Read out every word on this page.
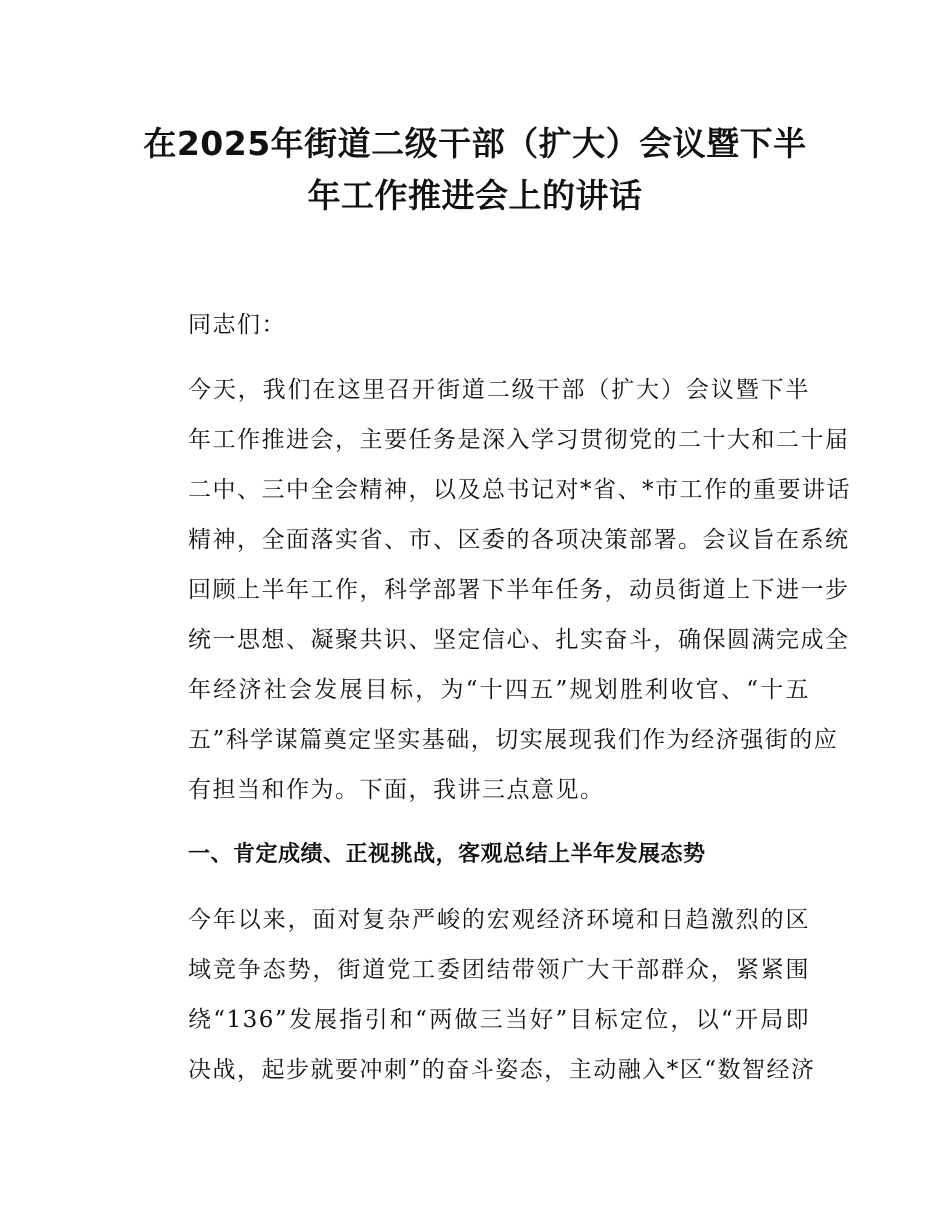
在2025年街道二级干部（扩大）会议暨下半
年工作推进会上的讲话

同志们：

今天，我们在这里召开街道二级干部（扩大）会议暨下半
年工作推进会，主要任务是深入学习贯彻党的二十大和二十届
二中、三中全会精神，以及总书记对*省、*市工作的重要讲话
精神，全面落实省、市、区委的各项决策部署。会议旨在系统
回顾上半年工作，科学部署下半年任务，动员街道上下进一步
统一思想、凝聚共识、坚定信心、扎实奋斗，确保圆满完成全
年经济社会发展目标，为“十四五”规划胜利收官、“十五
五”科学谋篇奠定坚实基础，切实展现我们作为经济强街的应
有担当和作为。下面，我讲三点意见。

一、肯定成绩、正视挑战，客观总结上半年发展态势

今年以来，面对复杂严峻的宏观经济环境和日趋激烈的区
域竞争态势，街道党工委团结带领广大干部群众，紧紧围
绕“136”发展指引和“两做三当好”目标定位，以“开局即
决战，起步就要冲刺”的奋斗姿态，主动融入*区“数智经济
